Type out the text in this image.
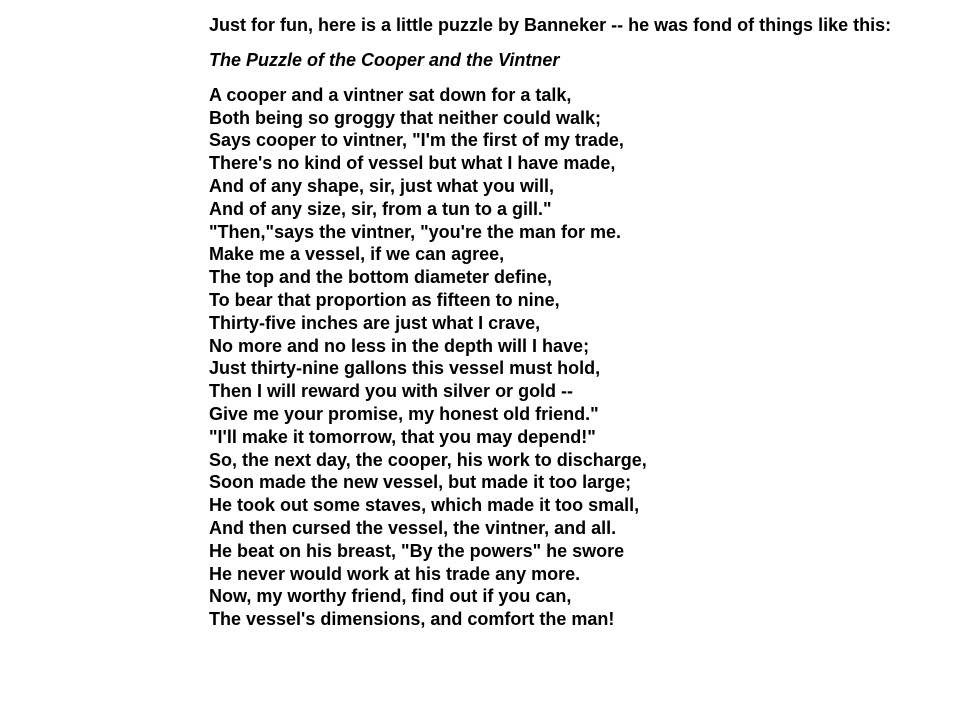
Just for fun, here is a little puzzle by Banneker -- he was fond of things like this:

The Puzzle of the Cooper and the Vintner

A cooper and a vintner sat down for a talk,
Both being so groggy that neither could walk;
Says cooper to vintner, "I'm the first of my trade,
There's no kind of vessel but what I have made,
And of any shape, sir, just what you will,
And of any size, sir, from a tun to a gill."
"Then,"says the vintner, "you're the man for me.
Make me a vessel, if we can agree,
The top and the bottom diameter define,
To bear that proportion as fifteen to nine,
Thirty-five inches are just what I crave,
No more and no less in the depth will I have;
Just thirty-nine gallons this vessel must hold,
Then I will reward you with silver or gold --
Give me your promise, my honest old friend."
"I'll make it tomorrow, that you may depend!"
So, the next day, the cooper, his work to discharge,
Soon made the new vessel, but made it too large;
He took out some staves, which made it too small,
And then cursed the vessel, the vintner, and all.
He beat on his breast, "By the powers" he swore
He never would work at his trade any more.
Now, my worthy friend, find out if you can,
The vessel's dimensions, and comfort the man!
